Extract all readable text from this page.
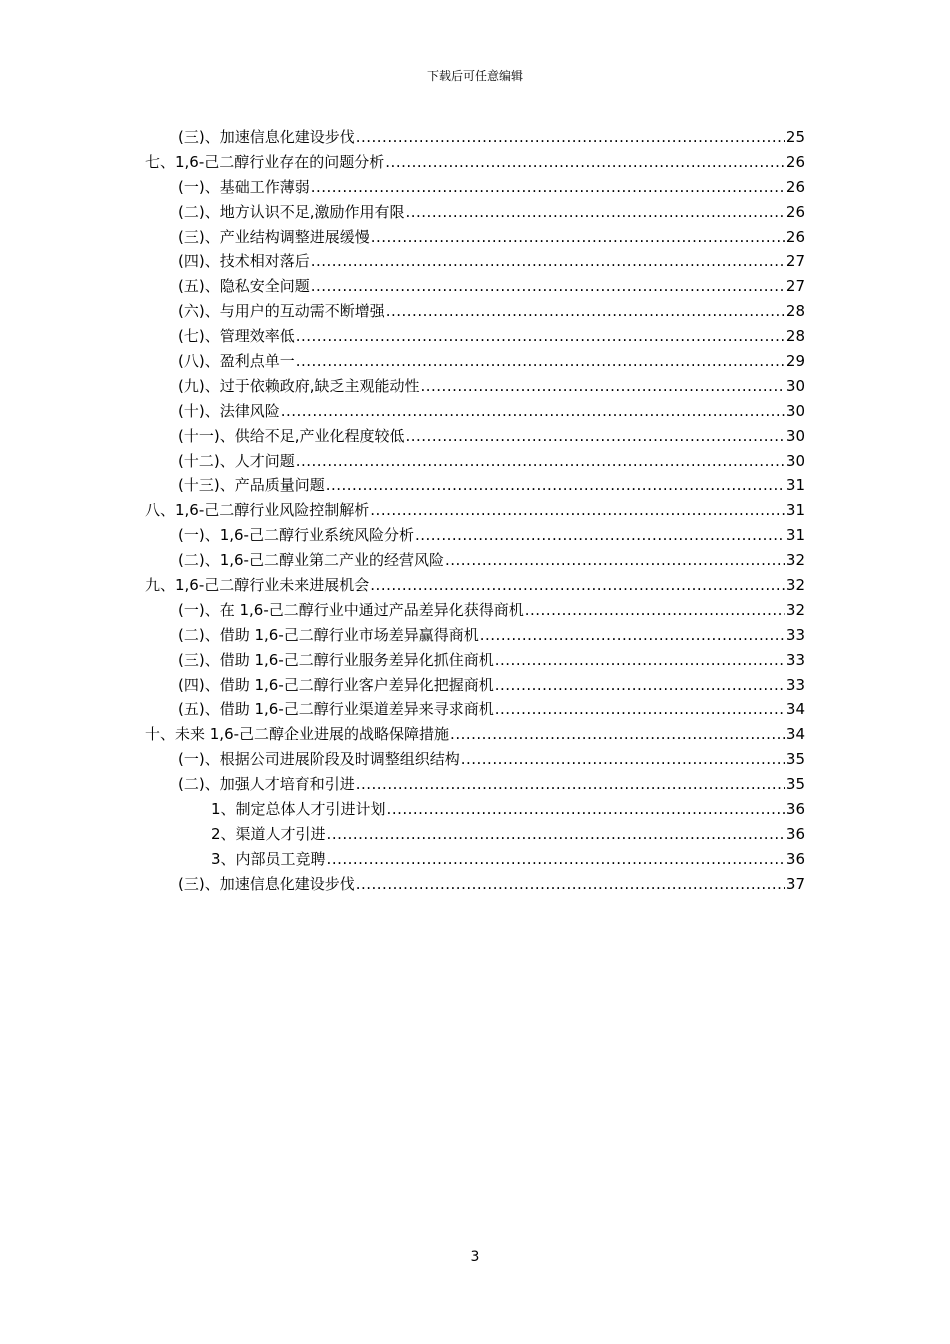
下载后可任意编辑
(三)、加速信息化建设步伐 .....	25
七、1,6-己二醇行业存在的问题分析 .....	26
(一)、基础工作薄弱 .....	26
(二)、地方认识不足,激励作用有限 .....	26
(三)、产业结构调整进展缓慢 .....	26
(四)、技术相对落后 .....	27
(五)、隐私安全问题 .....	27
(六)、与用户的互动需不断增强 .....	28
(七)、管理效率低 .....	28
(八)、盈利点单一 .....	29
(九)、过于依赖政府,缺乏主观能动性 .....	30
(十)、法律风险 .....	30
(十一)、供给不足,产业化程度较低 .....	30
(十二)、人才问题 .....	30
(十三)、产品质量问题 .....	31
八、1,6-己二醇行业风险控制解析 .....	31
(一)、1,6-己二醇行业系统风险分析 .....	31
(二)、1,6-己二醇业第二产业的经营风险 .....	32
九、1,6-己二醇行业未来进展机会 .....	32
(一)、在 1,6-己二醇行业中通过产品差异化获得商机 .....	32
(二)、借助 1,6-己二醇行业市场差异赢得商机 .....	33
(三)、借助 1,6-己二醇行业服务差异化抓住商机 .....	33
(四)、借助 1,6-己二醇行业客户差异化把握商机 .....	33
(五)、借助 1,6-己二醇行业渠道差异来寻求商机 .....	34
十、未来 1,6-己二醇企业进展的战略保障措施 .....	34
(一)、根据公司进展阶段及时调整组织结构 .....	35
(二)、加强人才培育和引进 .....	35
1、制定总体人才引进计划 .....	36
2、渠道人才引进 .....	36
3、内部员工竞聘 .....	36
(三)、加速信息化建设步伐 .....	37
3
